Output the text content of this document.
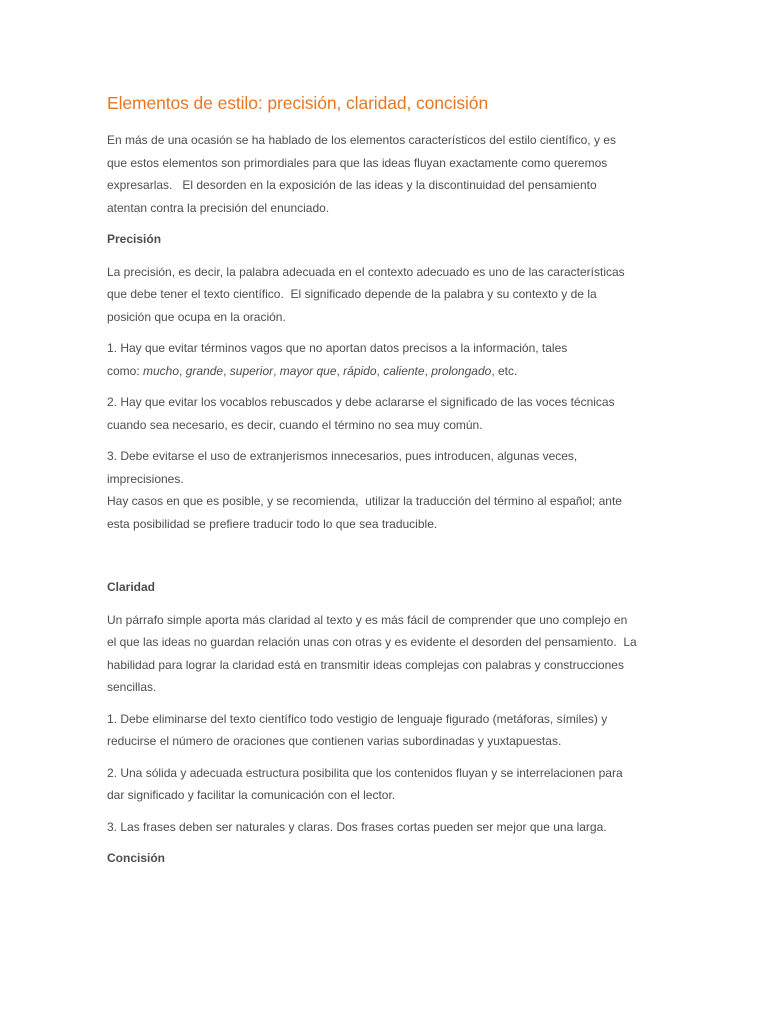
Elementos de estilo: precisión, claridad, concisión

En más de una ocasión se ha hablado de los elementos característicos del estilo científico, y es
que estos elementos son primordiales para que las ideas fluyan exactamente como queremos
expresarlas.   El desorden en la exposición de las ideas y la discontinuidad del pensamiento
atentan contra la precisión del enunciado.

Precisión

La precisión, es decir, la palabra adecuada en el contexto adecuado es uno de las características
que debe tener el texto científico.  El significado depende de la palabra y su contexto y de la
posición que ocupa en la oración.

1. Hay que evitar términos vagos que no aportan datos precisos a la información, tales
como: mucho, grande, superior, mayor que, rápido, caliente, prolongado, etc.

2. Hay que evitar los vocablos rebuscados y debe aclararse el significado de las voces técnicas
cuando sea necesario, es decir, cuando el término no sea muy común.

3. Debe evitarse el uso de extranjerismos innecesarios, pues introducen, algunas veces,
imprecisiones.
Hay casos en que es posible, y se recomienda,  utilizar la traducción del término al español; ante
esta posibilidad se prefiere traducir todo lo que sea traducible.

Claridad

Un párrafo simple aporta más claridad al texto y es más fácil de comprender que uno complejo en
el que las ideas no guardan relación unas con otras y es evidente el desorden del pensamiento.  La
habilidad para lograr la claridad está en transmitir ideas complejas con palabras y construcciones
sencillas.

1. Debe eliminarse del texto científico todo vestigio de lenguaje figurado (metáforas, símiles) y
reducirse el número de oraciones que contienen varias subordinadas y yuxtapuestas.

2. Una sólida y adecuada estructura posibilita que los contenidos fluyan y se interrelacionen para
dar significado y facilitar la comunicación con el lector.

3. Las frases deben ser naturales y claras. Dos frases cortas pueden ser mejor que una larga.

Concisión
